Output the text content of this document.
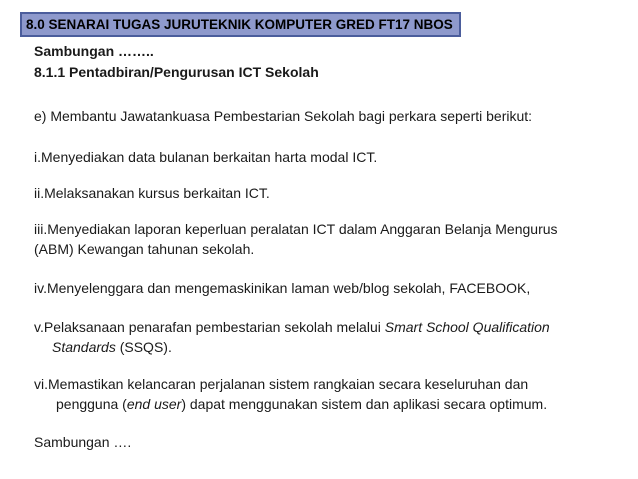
8.0 SENARAI TUGAS JURUTEKNIK KOMPUTER GRED FT17 NBOS
Sambungan ……..
8.1.1 Pentadbiran/Pengurusan ICT Sekolah
e) Membantu Jawatankuasa Pembestarian Sekolah bagi perkara seperti berikut:
i.Menyediakan data bulanan berkaitan harta modal ICT.
ii.Melaksanakan kursus berkaitan ICT.
iii.Menyediakan laporan keperluan peralatan ICT dalam Anggaran Belanja Mengurus
(ABM) Kewangan tahunan sekolah.
iv.Menyelenggara dan mengemaskinikan laman web/blog sekolah, FACEBOOK,
v.Pelaksanaan penarafan pembestarian sekolah melalui Smart School Qualification
Standards (SSQS).
vi.Memastikan kelancaran perjalanan sistem rangkaian secara keseluruhan dan
pengguna (end user) dapat menggunakan sistem dan aplikasi secara optimum.
Sambungan ….
